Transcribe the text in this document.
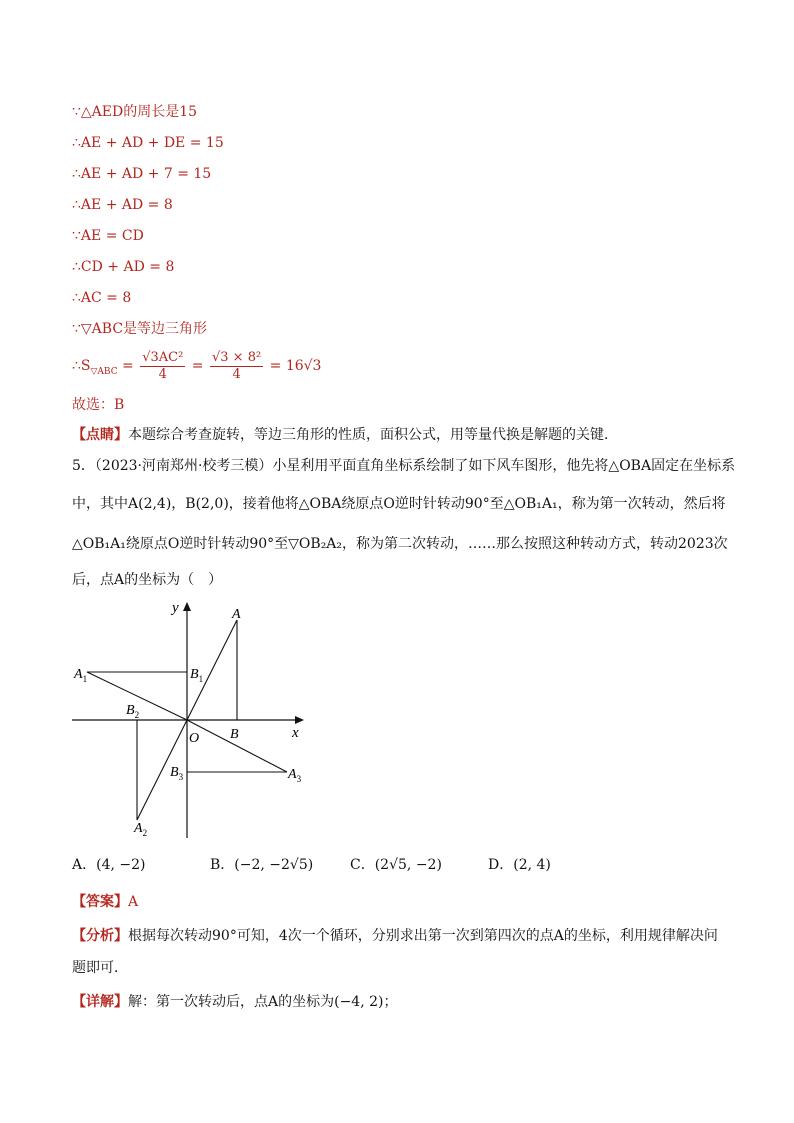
∵△AED的周长是15
∴AE + AD + DE = 15
∴AE + AD + 7 = 15
∴AE + AD = 8
∵AE = CD
∴CD + AD = 8
∴AC = 8
∵▽ABC是等边三角形
$\therefore S_{▽ABC} = \frac{\text{√3AC²}}{4} = \frac{\text{√3 × 8²}}{4} = 16√3$
故选：B
【点睛】本题综合考查旋转，等边三角形的性质，面积公式，用等量代换是解题的关键．
5．（2023·河南郑州·校考三模）小星利用平面直角坐标系绘制了如下风车图形，他先将△OBA固定在坐标系
中，其中A(2,4)，B(2,0)，接着他将△OBA绕原点O逆时针转动90°至△OB₁A₁，称为第一次转动，然后将
△OB₁A₁绕原点O逆时针转动90°至▽OB₂A₂，称为第二次转动，……那么按照这种转动方式，转动2023次
后，点A的坐标为（　）
y
x
O
A
B
$A_1$	$B_1$
$B_2$
$A_2$
$B_3$	$A_3$
A．(4, −2)	B．(−2, −2√5)	C．(2√5, −2)	D．(2, 4)
【答案】A
【分析】根据每次转动90°可知，4次一个循环，分别求出第一次到第四次的点A的坐标，利用规律解决问
题即可．
【详解】解：第一次转动后，点A的坐标为(−4, 2)；
